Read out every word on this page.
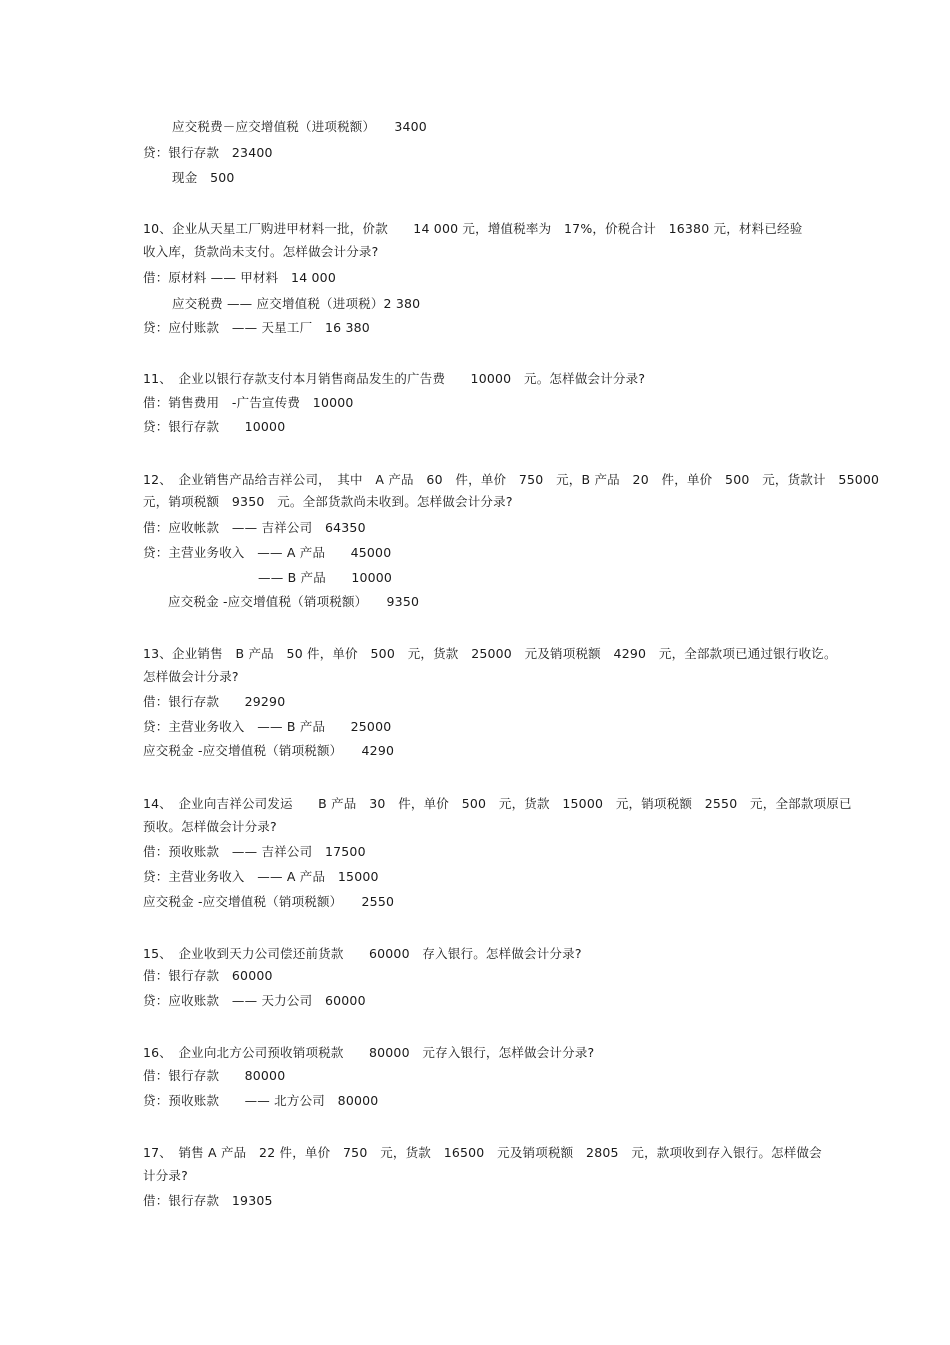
应交税费－应交增值税（进项税额）　　3400
贷：银行存款　23400
现金　500
10、企业从天星工厂购进甲材料一批，价款　　14 000 元，增值税率为　17%，价税合计　16380 元，材料已经验
收入库，货款尚未支付。怎样做会计分录?
借：原材料 —— 甲材料　14 000
应交税费 —— 应交增值税（进项税）2 380
贷：应付账款　—— 天星工厂　16 380
11、　企业以银行存款支付本月销售商品发生的广告费　　10000　元。怎样做会计分录?
借：销售费用　-广告宣传费　10000
贷：银行存款　　10000
12、　企业销售产品给吉祥公司，　其中　A 产品　60　件，单价　750　元，B 产品　20　件，单价　500　元，货款计　55000
元，销项税额　9350　元。全部货款尚未收到。怎样做会计分录?
借：应收帐款　—— 吉祥公司　64350
贷：主营业务收入　—— A 产品　　45000
—— B 产品　　10000
应交税金 -应交增值税（销项税额）　　9350
13、企业销售　B 产品　50 件，单价　500　元，货款　25000　元及销项税额　4290　元，全部款项已通过银行收讫。
怎样做会计分录?
借：银行存款　　29290
贷：主营业务收入　—— B 产品　　25000
应交税金 -应交增值税（销项税额）　　4290
14、　企业向吉祥公司发运　　B 产品　30　件，单价　500　元，货款　15000　元，销项税额　2550　元，全部款项原已
预收。怎样做会计分录?
借：预收账款　—— 吉祥公司　17500
贷：主营业务收入　—— A 产品　15000
应交税金 -应交增值税（销项税额）　　2550
15、　企业收到天力公司偿还前货款　　60000　存入银行。怎样做会计分录?
借：银行存款　60000
贷：应收账款　—— 天力公司　60000
16、　企业向北方公司预收销项税款　　80000　元存入银行，怎样做会计分录?
借：银行存款　　80000
贷：预收账款　　—— 北方公司　80000
17、　销售 A 产品　22 件，单价　750　元，货款　16500　元及销项税额　2805　元，款项收到存入银行。怎样做会
计分录?
借：银行存款　19305
